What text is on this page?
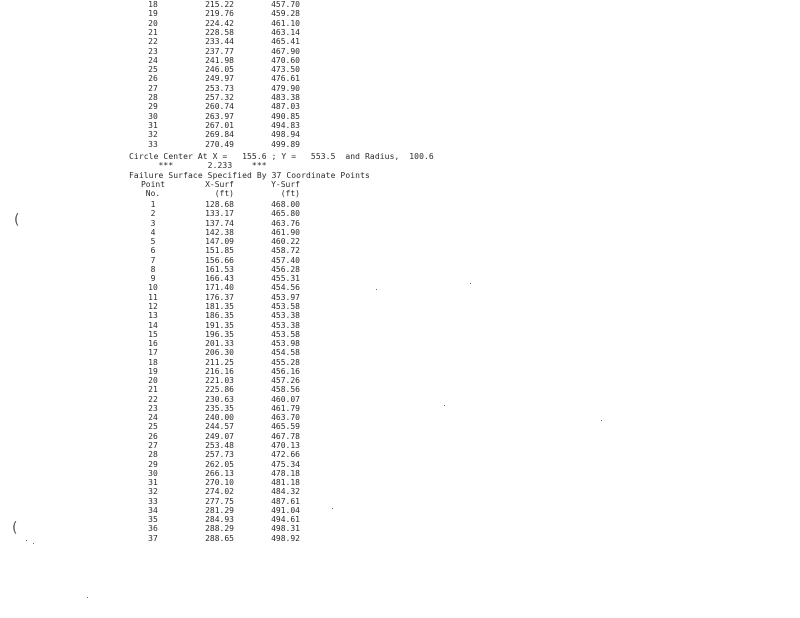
18	215.22	457.70
19	219.76	459.28
20	224.42	461.10
21	228.58	463.14
22	233.44	465.41
23	237.77	467.90
24	241.98	470.60
25	246.05	473.50
26	249.97	476.61
27	253.73	479.90
28	257.32	483.38
29	260.74	487.03
30	263.97	490.85
31	267.01	494.83
32	269.84	498.94
33	270.49	499.89
Circle Center At X =   155.6 ; Y =   553.5  and Radius,  100.6
***       2.233    ***
Failure Surface Specified By 37 Coordinate Points
Point	X-Surf	Y-Surf
No.	(ft)	(ft)
1	128.68	468.00
2	133.17	465.80
3	137.74	463.76
4	142.38	461.90
5	147.09	460.22
6	151.85	458.72
7	156.66	457.40
8	161.53	456.28
9	166.43	455.31
10	171.40	454.56
11	176.37	453.97
12	181.35	453.58
13	186.35	453.38
14	191.35	453.38
15	196.35	453.58
16	201.33	453.98
17	206.30	454.58
18	211.25	455.28
19	216.16	456.16
20	221.03	457.26
21	225.86	458.56
22	230.63	460.07
23	235.35	461.79
24	240.00	463.70
25	244.57	465.59
26	249.07	467.78
27	253.48	470.13
28	257.73	472.66
29	262.05	475.34
30	266.13	478.18
31	270.10	481.18
32	274.02	484.32
33	277.75	487.61
34	281.29	491.04
35	284.93	494.61
36	288.29	498.31
37	288.65	498.92
(
(
